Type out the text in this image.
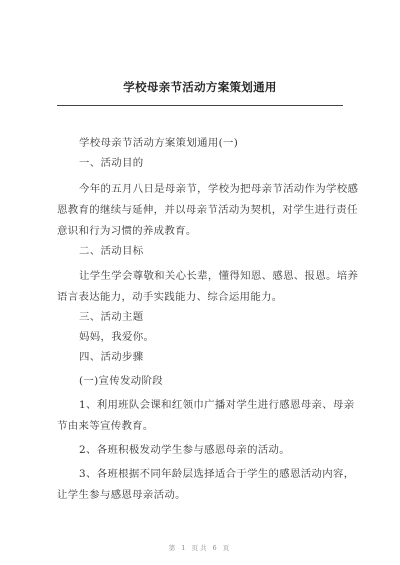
学校母亲节活动方案策划通用
学校母亲节活动方案策划通用(一)
一、活动目的
今年的五月八日是母亲节，学校为把母亲节活动作为学校感
恩教育的继续与延伸，并以母亲节活动为契机，对学生进行责任
意识和行为习惯的养成教育。
二、活动目标
让学生学会尊敬和关心长辈，懂得知恩、感恩、报恩。培养
语言表达能力，动手实践能力、综合运用能力。
三、活动主题
妈妈，我爱你。
四、活动步骤
(一)宣传发动阶段
1、利用班队会课和红领巾广播对学生进行感恩母亲、母亲
节由来等宣传教育。
2、各班积极发动学生参与感恩母亲的活动。
3、各班根据不同年龄层选择适合于学生的感恩活动内容，
让学生参与感恩母亲活动。
第 1 页共 6 页
